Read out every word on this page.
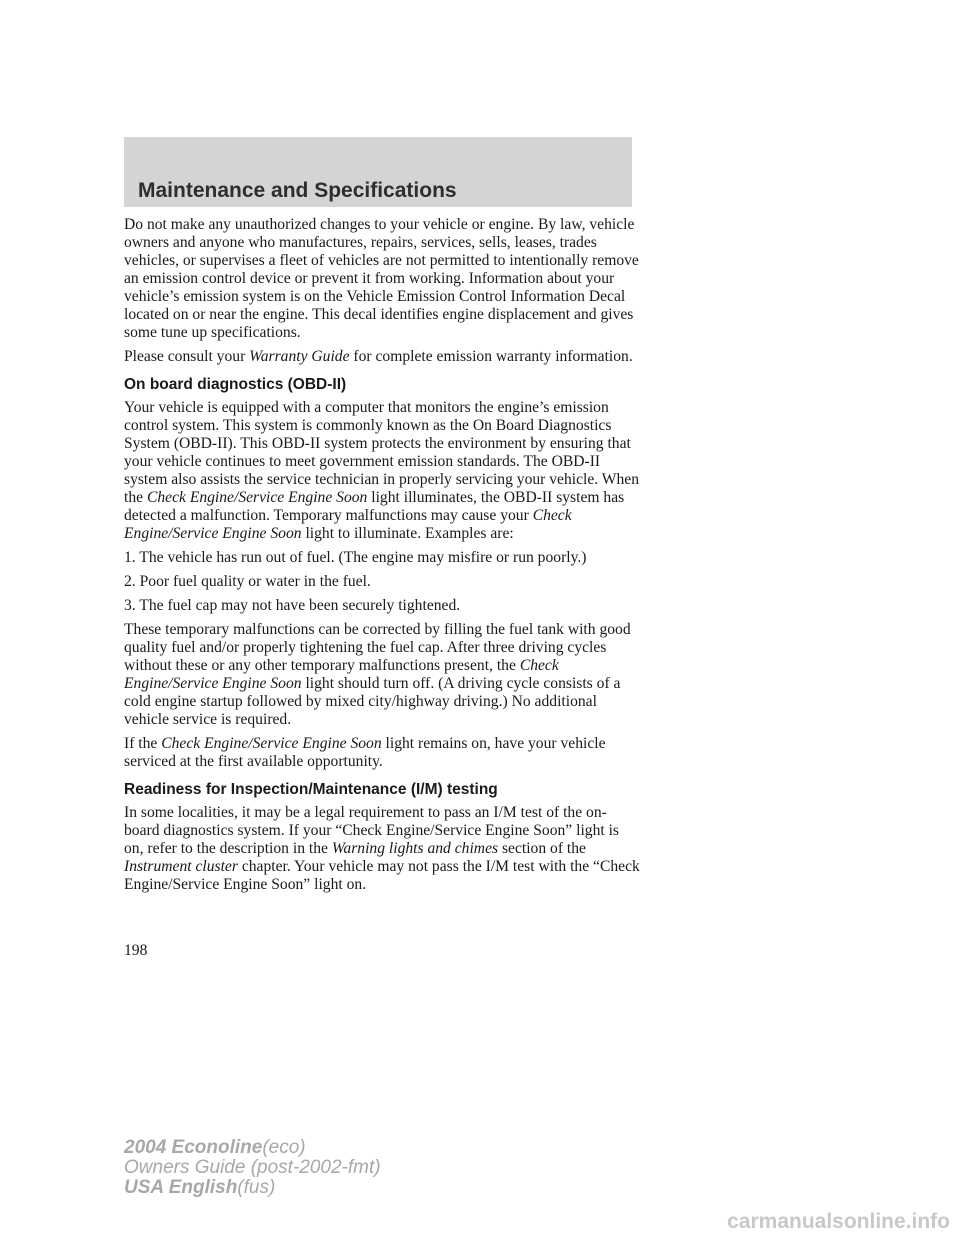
Maintenance and Specifications

Do not make any unauthorized changes to your vehicle or engine. By law, vehicle owners and anyone who manufactures, repairs, services, sells, leases, trades vehicles, or supervises a fleet of vehicles are not permitted to intentionally remove an emission control device or prevent it from working. Information about your vehicle’s emission system is on the Vehicle Emission Control Information Decal located on or near the engine. This decal identifies engine displacement and gives some tune up specifications.

Please consult your Warranty Guide for complete emission warranty information.

On board diagnostics (OBD-II)

Your vehicle is equipped with a computer that monitors the engine’s emission control system. This system is commonly known as the On Board Diagnostics System (OBD-II). This OBD-II system protects the environment by ensuring that your vehicle continues to meet government emission standards. The OBD-II system also assists the service technician in properly servicing your vehicle. When the Check Engine/Service Engine Soon light illuminates, the OBD-II system has detected a malfunction. Temporary malfunctions may cause your Check Engine/Service Engine Soon light to illuminate. Examples are:

1. The vehicle has run out of fuel. (The engine may misfire or run poorly.)

2. Poor fuel quality or water in the fuel.

3. The fuel cap may not have been securely tightened.

These temporary malfunctions can be corrected by filling the fuel tank with good quality fuel and/or properly tightening the fuel cap. After three driving cycles without these or any other temporary malfunctions present, the Check Engine/Service Engine Soon light should turn off. (A driving cycle consists of a cold engine startup followed by mixed city/highway driving.) No additional vehicle service is required.

If the Check Engine/Service Engine Soon light remains on, have your vehicle serviced at the first available opportunity.

Readiness for Inspection/Maintenance (I/M) testing

In some localities, it may be a legal requirement to pass an I/M test of the on-board diagnostics system. If your “Check Engine/Service Engine Soon” light is on, refer to the description in the Warning lights and chimes section of the Instrument cluster chapter. Your vehicle may not pass the I/M test with the “Check Engine/Service Engine Soon” light on.

198
2004 Econoline(eco)
Owners Guide (post-2002-fmt)
USA English(fus)
carmanualsonline.info
